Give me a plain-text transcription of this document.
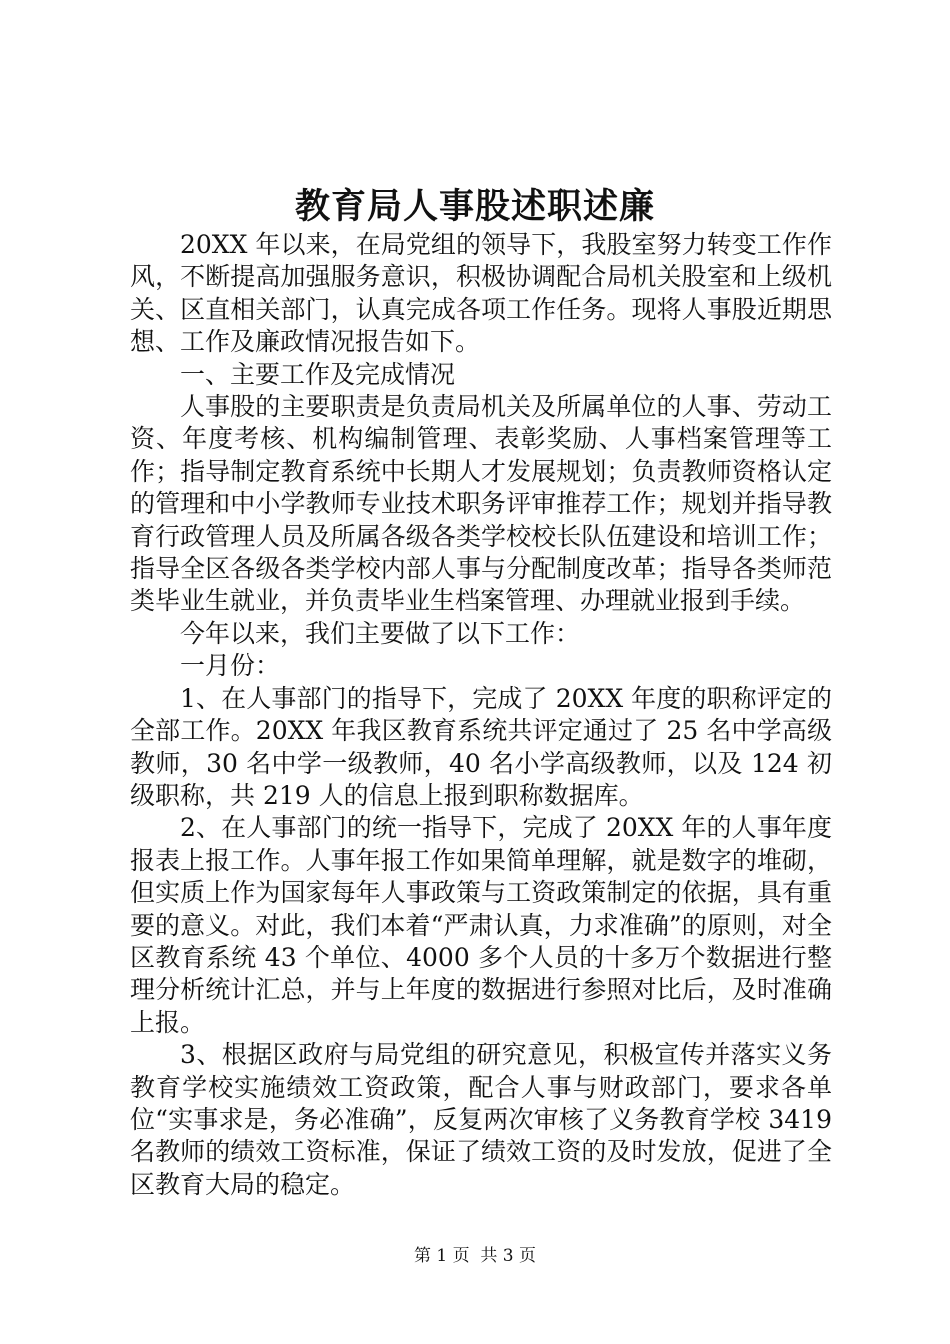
教育局人事股述职述廉

20XX 年以来，在局党组的领导下，我股室努力转变工作作风，不断提高加强服务意识，积极协调配合局机关股室和上级机关、区直相关部门，认真完成各项工作任务。现将人事股近期思想、工作及廉政情况报告如下。

一、主要工作及完成情况

人事股的主要职责是负责局机关及所属单位的人事、劳动工资、年度考核、机构编制管理、表彰奖励、人事档案管理等工作；指导制定教育系统中长期人才发展规划；负责教师资格认定的管理和中小学教师专业技术职务评审推荐工作；规划并指导教育行政管理人员及所属各级各类学校校长队伍建设和培训工作；指导全区各级各类学校内部人事与分配制度改革；指导各类师范类毕业生就业，并负责毕业生档案管理、办理就业报到手续。

今年以来，我们主要做了以下工作：

一月份：

1、在人事部门的指导下，完成了 20XX 年度的职称评定的全部工作。20XX 年我区教育系统共评定通过了 25 名中学高级教师，30 名中学一级教师，40 名小学高级教师，以及 124 初级职称，共 219 人的信息上报到职称数据库。

2、在人事部门的统一指导下，完成了 20XX 年的人事年度报表上报工作。人事年报工作如果简单理解，就是数字的堆砌，但实质上作为国家每年人事政策与工资政策制定的依据，具有重要的意义。对此，我们本着“严肃认真，力求准确”的原则，对全区教育系统 43 个单位、4000 多个人员的十多万个数据进行整理分析统计汇总，并与上年度的数据进行参照对比后，及时准确上报。

3、根据区政府与局党组的研究意见，积极宣传并落实义务教育学校实施绩效工资政策，配合人事与财政部门，要求各单位“实事求是，务必准确”，反复两次审核了义务教育学校 3419 名教师的绩效工资标准，保证了绩效工资的及时发放，促进了全区教育大局的稳定。

第 1 页 共 3 页
